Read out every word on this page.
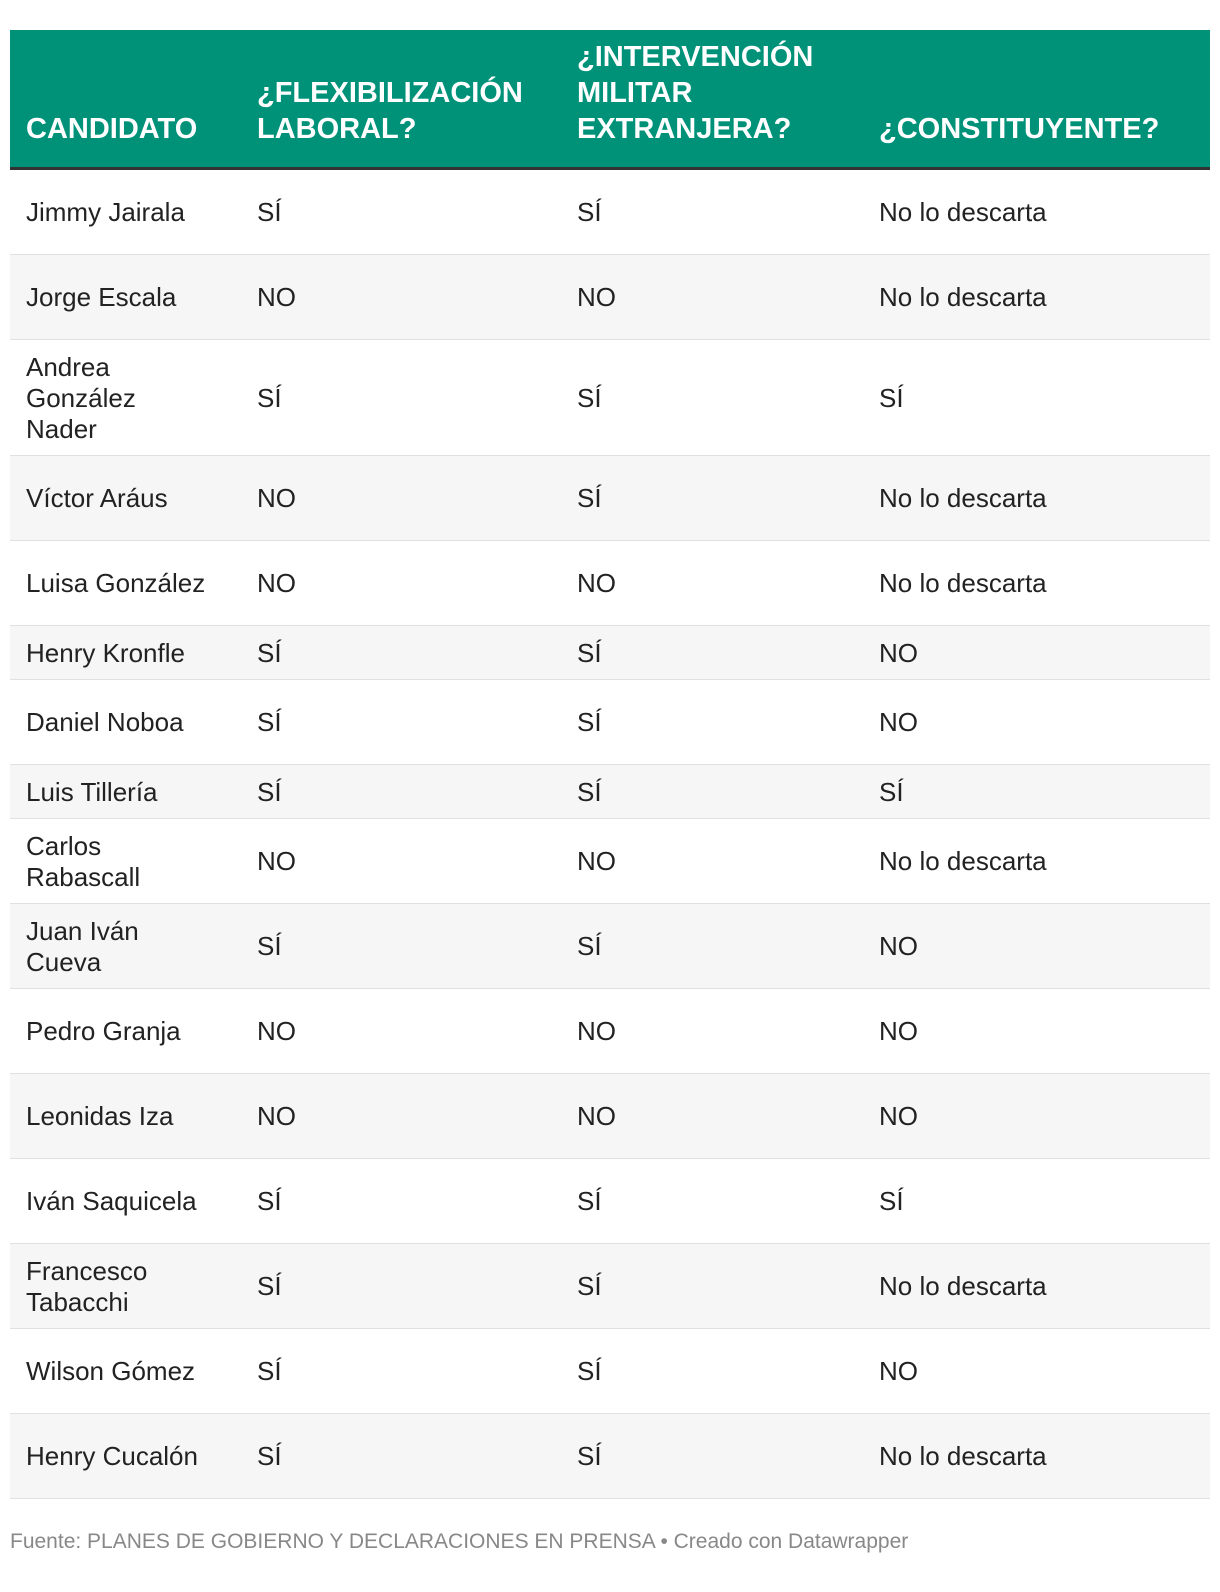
CANDIDATO	¿FLEXIBILIZACIÓN LABORAL?	¿INTERVENCIÓN MILITAR EXTRANJERA?	¿CONSTITUYENTE?

Jimmy Jairala	SÍ	SÍ	No lo descarta
Jorge Escala	NO	NO	No lo descarta
Andrea González Nader	SÍ	SÍ	SÍ
Víctor Aráus	NO	SÍ	No lo descarta
Luisa González	NO	NO	No lo descarta
Henry Kronfle	SÍ	SÍ	NO
Daniel Noboa	SÍ	SÍ	NO
Luis Tillería	SÍ	SÍ	SÍ
Carlos Rabascall	NO	NO	No lo descarta
Juan Iván Cueva	SÍ	SÍ	NO
Pedro Granja	NO	NO	NO
Leonidas Iza	NO	NO	NO
Iván Saquicela	SÍ	SÍ	SÍ
Francesco Tabacchi	SÍ	SÍ	No lo descarta
Wilson Gómez	SÍ	SÍ	NO
Henry Cucalón	SÍ	SÍ	No lo descarta
Fuente: PLANES DE GOBIERNO Y DECLARACIONES EN PRENSA • Creado con Datawrapper
